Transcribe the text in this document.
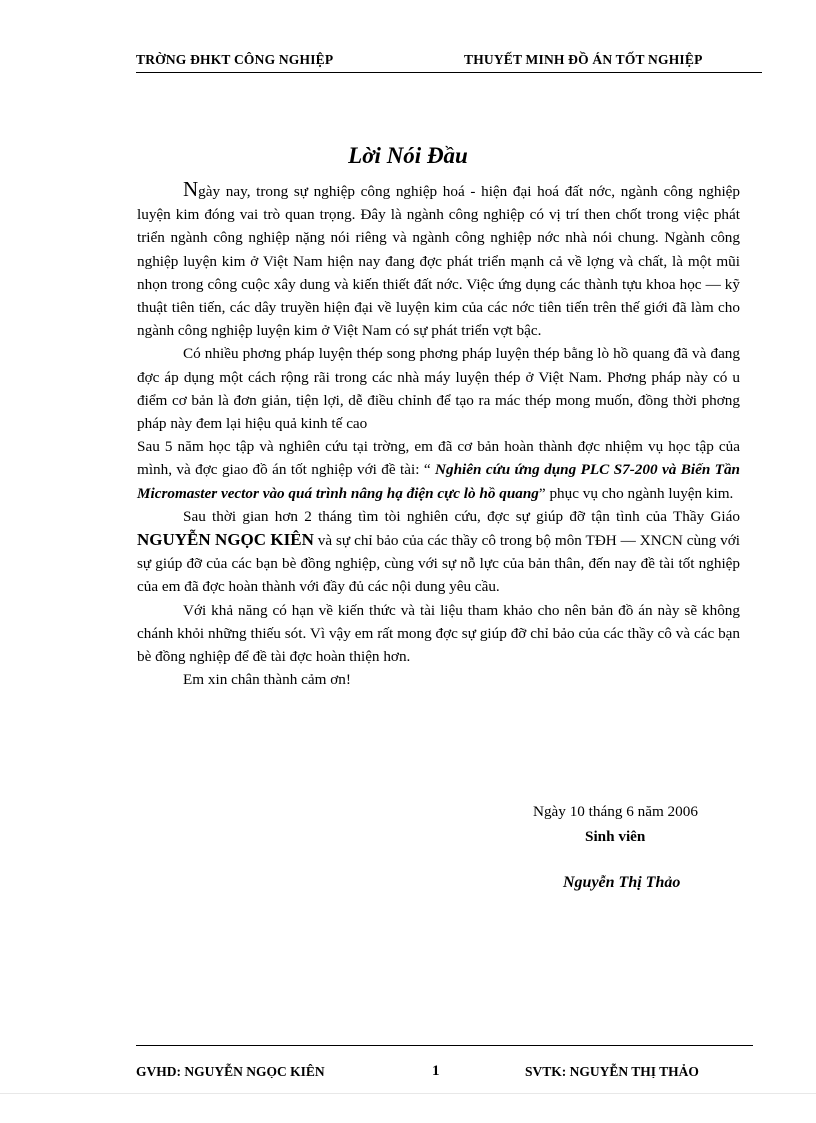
TRỜNG ĐHKT CÔNG NGHIỆP	THUYẾT MINH ĐỒ ÁN TỐT NGHIỆP
Lời Nói Đầu

Ngày nay, trong sự nghiệp công nghiệp hoá - hiện đại hoá đất nớc, ngành công nghiệp luyện kim đóng vai trò quan trọng. Đây là ngành công nghiệp có vị trí then chốt trong việc phát triển ngành công nghiệp nặng nói riêng và ngành công nghiệp nớc nhà nói chung. Ngành công nghiệp luyện kim ở Việt Nam hiện nay đang đợc phát triển mạnh cả về lợng và chất, là một mũi nhọn trong công cuộc xây dung và kiến thiết đất nớc. Việc ứng dụng các thành tựu khoa học — kỹ thuật tiên tiến, các dây truyền hiện đại về luyện kim của các nớc tiên tiến trên thế giới đã làm cho ngành công nghiệp luyện kim ở Việt Nam có sự phát triển vợt bậc.

Có nhiều phơng pháp luyện thép song phơng pháp luyện thép bằng lò hồ quang đã và đang đợc áp dụng một cách rộng rãi trong các nhà máy luyện thép ở Việt Nam. Phơng pháp này có u điểm cơ bản là đơn giản, tiện lợi, dễ điều chỉnh để tạo ra mác thép mong muốn, đồng thời phơng pháp này đem lại hiệu quả kinh tế cao

Sau 5 năm học tập và nghiên cứu tại trờng, em đã cơ bản hoàn thành đợc nhiệm vụ học tập của mình, và đợc giao đồ án tốt nghiệp với đề tài: “ Nghiên cứu ứng dụng PLC S7-200 và Biến Tần Micromaster vector vào quá trình nâng hạ điện cực lò hồ quang” phục vụ cho ngành luyện kim.

Sau thời gian hơn 2 tháng tìm tòi nghiên cứu, đợc sự giúp đỡ tận tình của Thầy Giáo NGUYỄN NGỌC KIÊN và sự chỉ bảo của các thầy cô trong bộ môn TĐH — XNCN cùng với sự giúp đỡ của các bạn bè đồng nghiệp, cùng với sự nỗ lực của bản thân, đến nay đề tài tốt nghiệp của em đã đợc hoàn thành với đầy đủ các nội dung yêu cầu.

Với khả năng có hạn về kiến thức và tài liệu tham khảo cho nên bản đồ án này sẽ không chánh khỏi những thiếu sót. Vì vậy em rất mong đợc sự giúp đỡ chỉ bảo của các thầy cô và các bạn bè đồng nghiệp để đề tài đợc hoàn thiện hơn.

Em xin chân thành cảm ơn!

Ngày 10 tháng 6 năm 2006
Sinh viên
Nguyễn Thị Thảo
GVHD: NGUYỄN NGỌC KIÊN	1	SVTK: NGUYỄN THỊ THẢO
